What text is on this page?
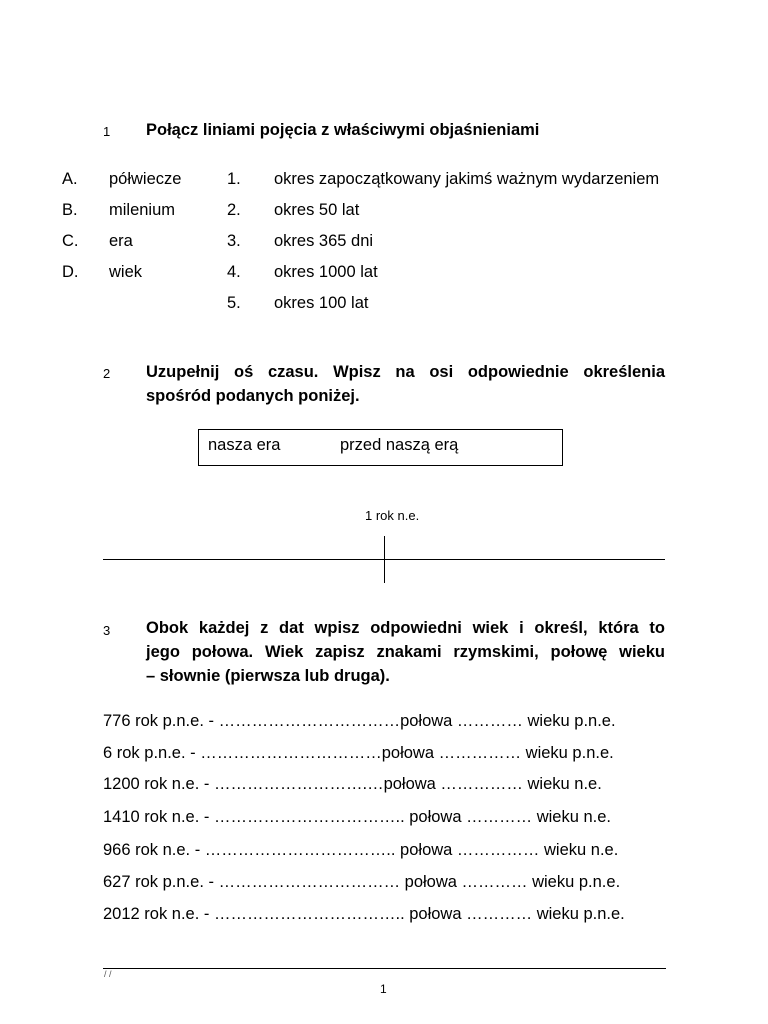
1 Połącz liniami pojęcia z właściwymi objaśnieniami
A. półwiecze
B. milenium
C. era
D. wiek
1. okres zapoczątkowany jakimś ważnym wydarzeniem
2. okres 50 lat
3. okres 365 dni
4. okres 1000 lat
5. okres 100 lat
2 Uzupełnij oś czasu. Wpisz na osi odpowiednie określenia
spośród podanych poniżej.
nasza era	przed naszą erą
1 rok n.e.
3 Obok każdej z dat wpisz odpowiedni wiek i określ, która to
jego połowa. Wiek zapisz znakami rzymskimi, połowę wieku
– słownie (pierwsza lub druga).
776 rok p.n.e. - ……………………………połowa ………… wieku p.n.e.
6 rok p.n.e. - ……………………………połowa …………… wieku p.n.e.
1200 rok n.e. - ……………………….…połowa …………… wieku n.e.
1410 rok n.e. - …………………………….. połowa ………… wieku n.e.
966 rok n.e. - …………………………….. połowa …………… wieku n.e.
627 rok p.n.e. - …………………………… połowa ………… wieku p.n.e.
2012 rok n.e. - …………………………….. połowa ………… wieku p.n.e.
/ /
1
